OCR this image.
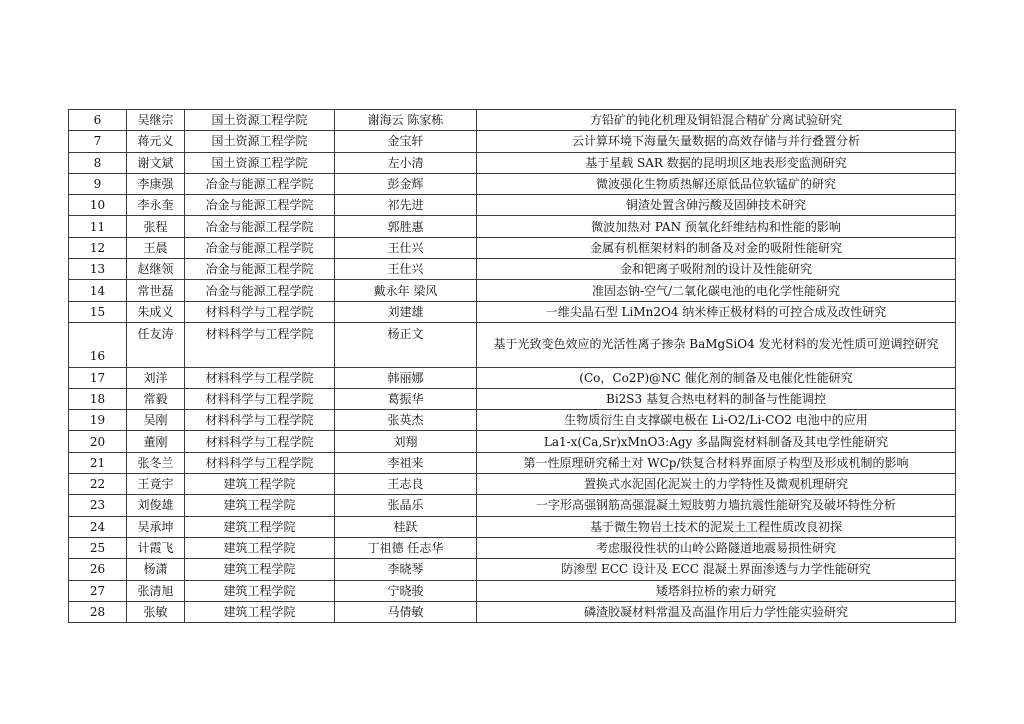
6	吴继宗	国土资源工程学院	谢海云 陈家栋	方铅矿的钝化机理及铜铅混合精矿分离试验研究
7	蒋元义	国土资源工程学院	金宝轩	云计算环境下海量矢量数据的高效存储与并行叠置分析
8	谢文斌	国土资源工程学院	左小清	基于星载 SAR 数据的昆明坝区地表形变监测研究
9	李康强	冶金与能源工程学院	彭金辉	微波强化生物质热解还原低品位软锰矿的研究
10	李永奎	冶金与能源工程学院	祁先进	铜渣处置含砷污酸及固砷技术研究
11	张程	冶金与能源工程学院	郭胜惠	微波加热对 PAN 预氧化纤维结构和性能的影响
12	王晨	冶金与能源工程学院	王仕兴	金属有机框架材料的制备及对金的吸附性能研究
13	赵继领	冶金与能源工程学院	王仕兴	金和钯离子吸附剂的设计及性能研究
14	常世磊	冶金与能源工程学院	戴永年 梁风	准固态钠-空气/二氧化碳电池的电化学性能研究
15	朱成义	材料科学与工程学院	刘建雄	一维尖晶石型 LiMn2O4 纳米棒正极材料的可控合成及改性研究
16	任友涛	材料科学与工程学院	杨正文	基于光致变色效应的光活性离子掺杂 BaMgSiO4 发光材料的发光性质可逆调控研究
17	刘洋	材料科学与工程学院	韩丽娜	(Co，Co2P)@NC 催化剂的制备及电催化性能研究
18	常毅	材料科学与工程学院	葛振华	Bi2S3 基复合热电材料的制备与性能调控
19	吴刚	材料科学与工程学院	张英杰	生物质衍生自支撑碳电极在 Li-O2/Li-CO2 电池中的应用
20	董刚	材料科学与工程学院	刘翔	La1-x(Ca,Sr)xMnO3:Agy 多晶陶瓷材料制备及其电学性能研究
21	张冬兰	材料科学与工程学院	李祖来	第一性原理研究稀土对 WCp/铁复合材料界面原子构型及形成机制的影响
22	王竟宇	建筑工程学院	王志良	置换式水泥固化泥炭土的力学特性及微观机理研究
23	刘俊雄	建筑工程学院	张晶乐	一字形高强钢筋高强混凝土短肢剪力墙抗震性能研究及破坏特性分析
24	吴承坤	建筑工程学院	桂跃	基于微生物岩土技术的泥炭土工程性质改良初探
25	计霞飞	建筑工程学院	丁祖德 任志华	考虑服役性状的山岭公路隧道地震易损性研究
26	杨潇	建筑工程学院	李晓琴	防渗型 ECC 设计及 ECC 混凝土界面渗透与力学性能研究
27	张清旭	建筑工程学院	宁晓骏	矮塔斜拉桥的索力研究
28	张敏	建筑工程学院	马倩敏	磷渣胶凝材料常温及高温作用后力学性能实验研究
